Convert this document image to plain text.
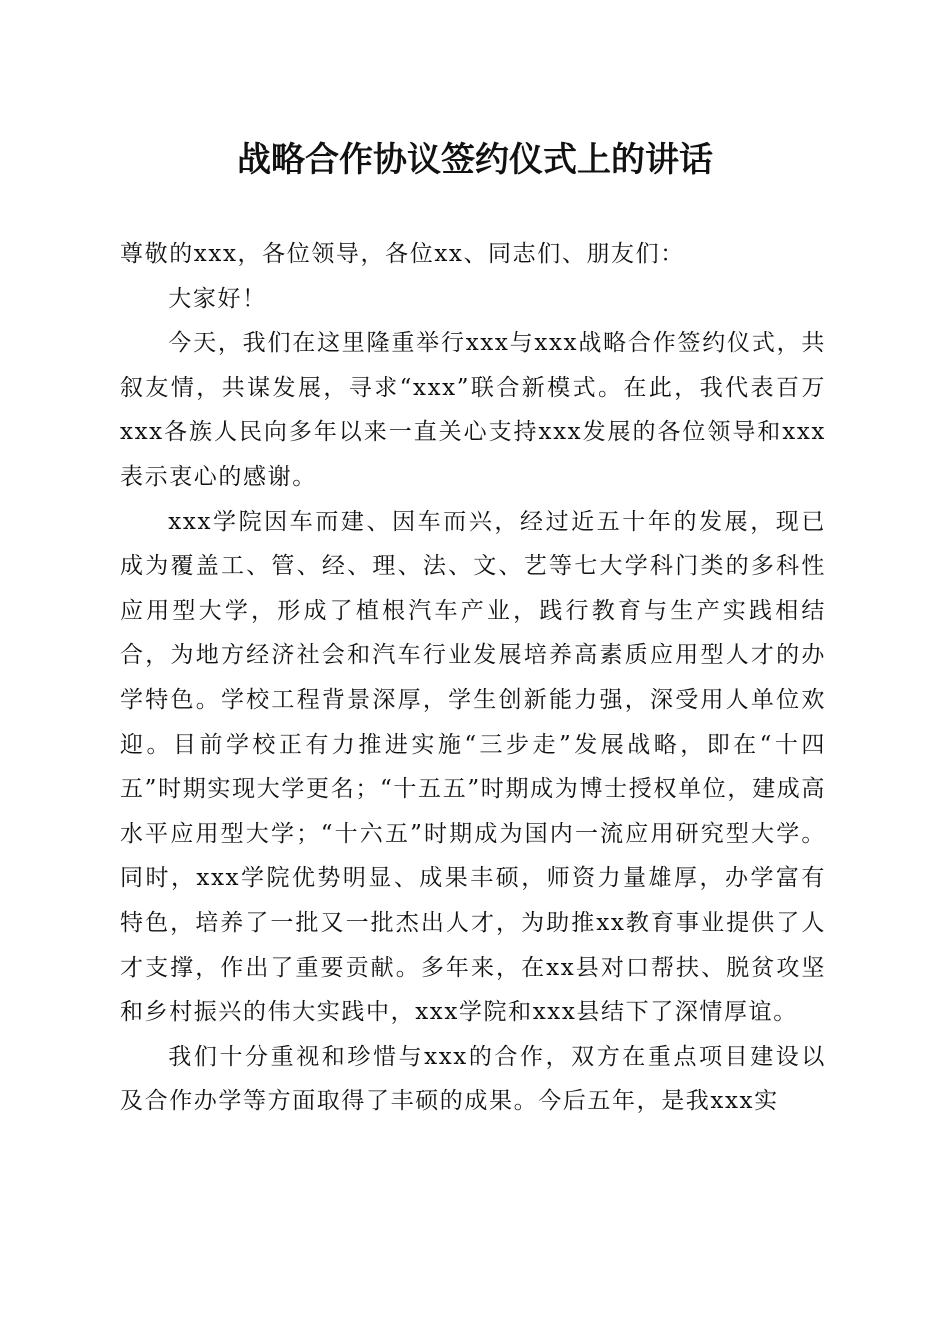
战略合作协议签约仪式上的讲话

尊敬的xxx，各位领导，各位xx、同志们、朋友们：

大家好！

今天，我们在这里隆重举行xxx与xxx战略合作签约仪式，共叙友情，共谋发展，寻求“xxx”联合新模式。在此，我代表百万xxx各族人民向多年以来一直关心支持xxx发展的各位领导和xxx表示衷心的感谢。

xxx学院因车而建、因车而兴，经过近五十年的发展，现已成为覆盖工、管、经、理、法、文、艺等七大学科门类的多科性应用型大学，形成了植根汽车产业，践行教育与生产实践相结合，为地方经济社会和汽车行业发展培养高素质应用型人才的办学特色。学校工程背景深厚，学生创新能力强，深受用人单位欢迎。目前学校正有力推进实施“三步走”发展战略，即在“十四五”时期实现大学更名；“十五五”时期成为博士授权单位，建成高水平应用型大学；“十六五”时期成为国内一流应用研究型大学。同时，xxx学院优势明显、成果丰硕，师资力量雄厚，办学富有特色，培养了一批又一批杰出人才，为助推xx教育事业提供了人才支撑，作出了重要贡献。多年来，在xx县对口帮扶、脱贫攻坚和乡村振兴的伟大实践中，xxx学院和xxx县结下了深情厚谊。

我们十分重视和珍惜与xxx的合作，双方在重点项目建设以及合作办学等方面取得了丰硕的成果。今后五年，是我xxx实
